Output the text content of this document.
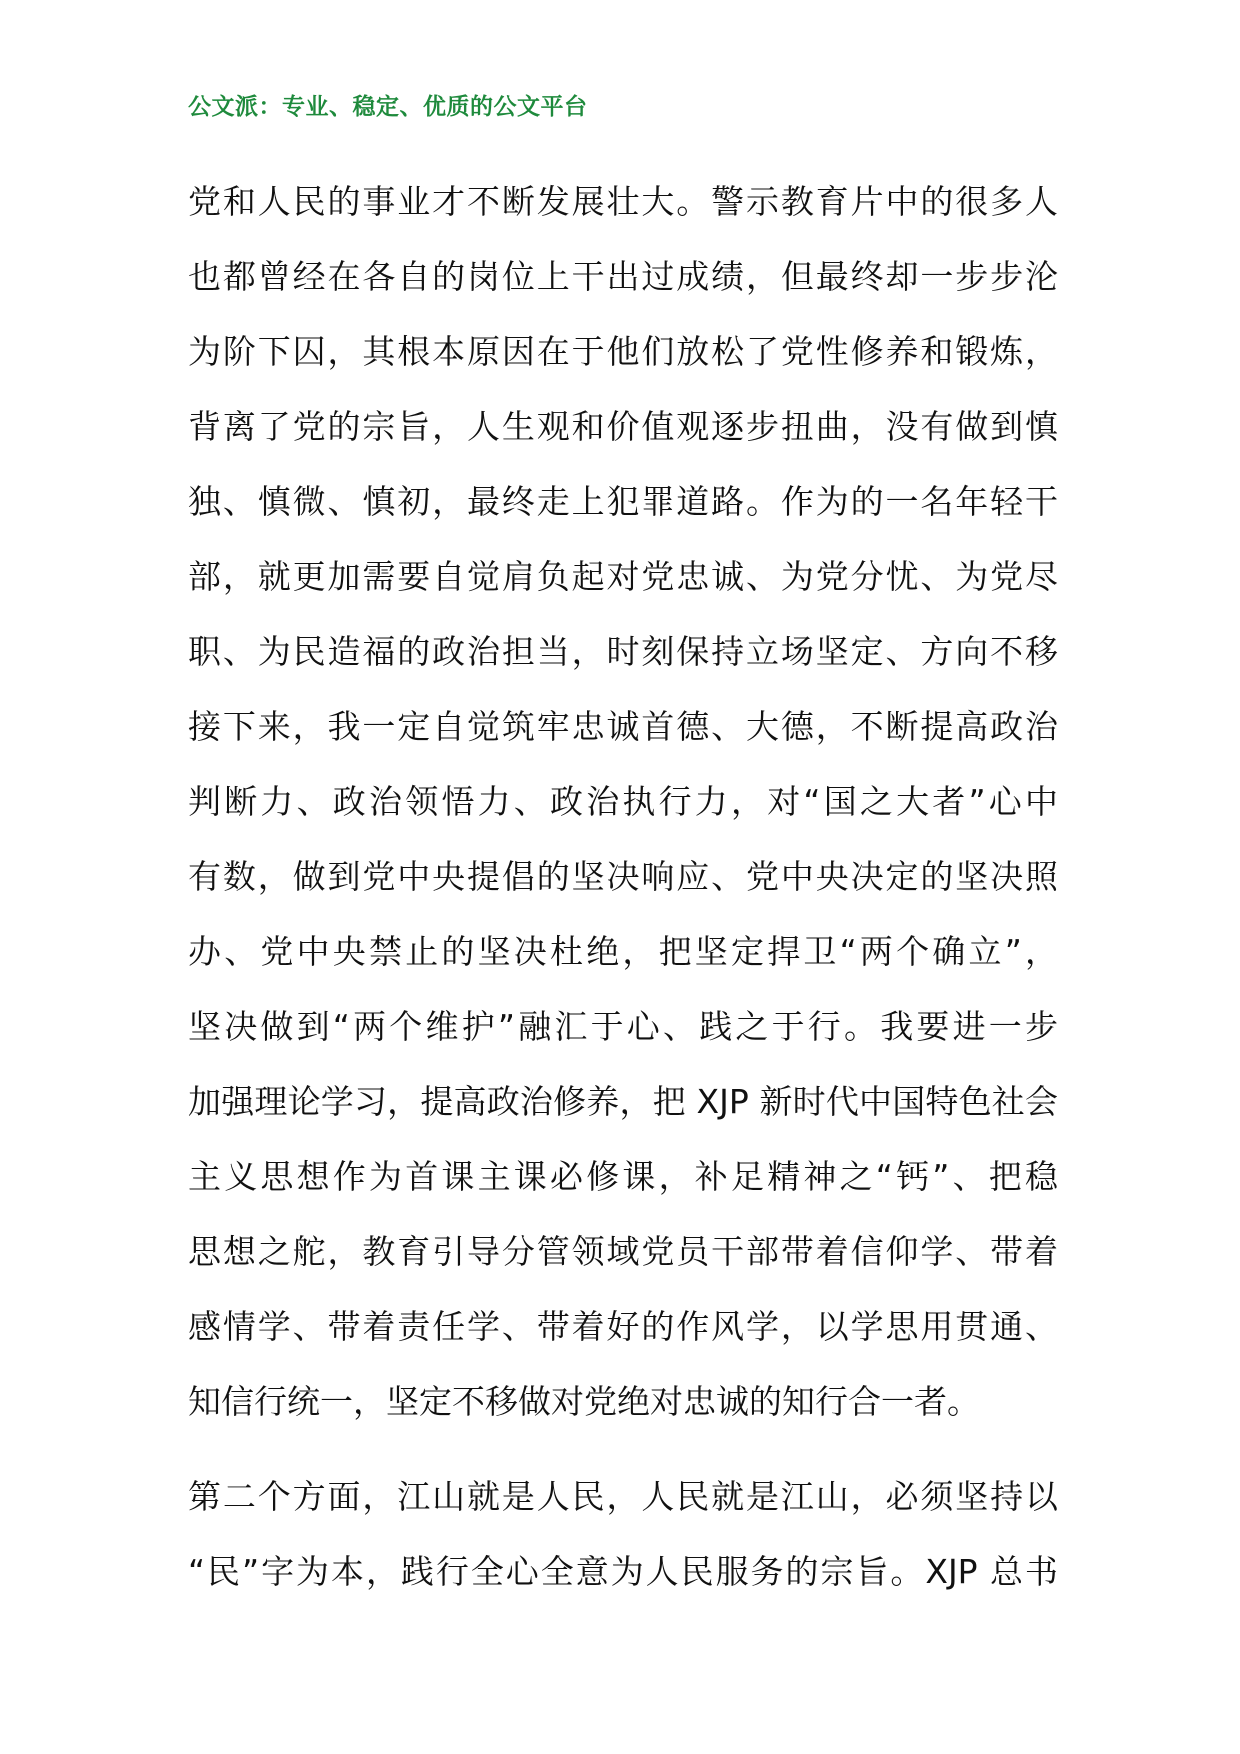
公文派：专业、稳定、优质的公文平台
党和人民的事业才不断发展壮大。警示教育片中的很多人
也都曾经在各自的岗位上干出过成绩，但最终却一步步沦
为阶下囚，其根本原因在于他们放松了党性修养和锻炼，
背离了党的宗旨，人生观和价值观逐步扭曲，没有做到慎
独、慎微、慎初，最终走上犯罪道路。作为的一名年轻干
部，就更加需要自觉肩负起对党忠诚、为党分忧、为党尽
职、为民造福的政治担当，时刻保持立场坚定、方向不移
接下来，我一定自觉筑牢忠诚首德、大德，不断提高政治
判断力、政治领悟力、政治执行力，对“国之大者”心中
有数，做到党中央提倡的坚决响应、党中央决定的坚决照
办、党中央禁止的坚决杜绝，把坚定捍卫“两个确立”，
坚决做到“两个维护”融汇于心、践之于行。我要进一步
加强理论学习，提高政治修养，把 XJP 新时代中国特色社会
主义思想作为首课主课必修课，补足精神之“钙”、把稳
思想之舵，教育引导分管领域党员干部带着信仰学、带着
感情学、带着责任学、带着好的作风学，以学思用贯通、
知信行统一，坚定不移做对党绝对忠诚的知行合一者。
第二个方面，江山就是人民，人民就是江山，必须坚持以
“民”字为本，践行全心全意为人民服务的宗旨。XJP 总书
